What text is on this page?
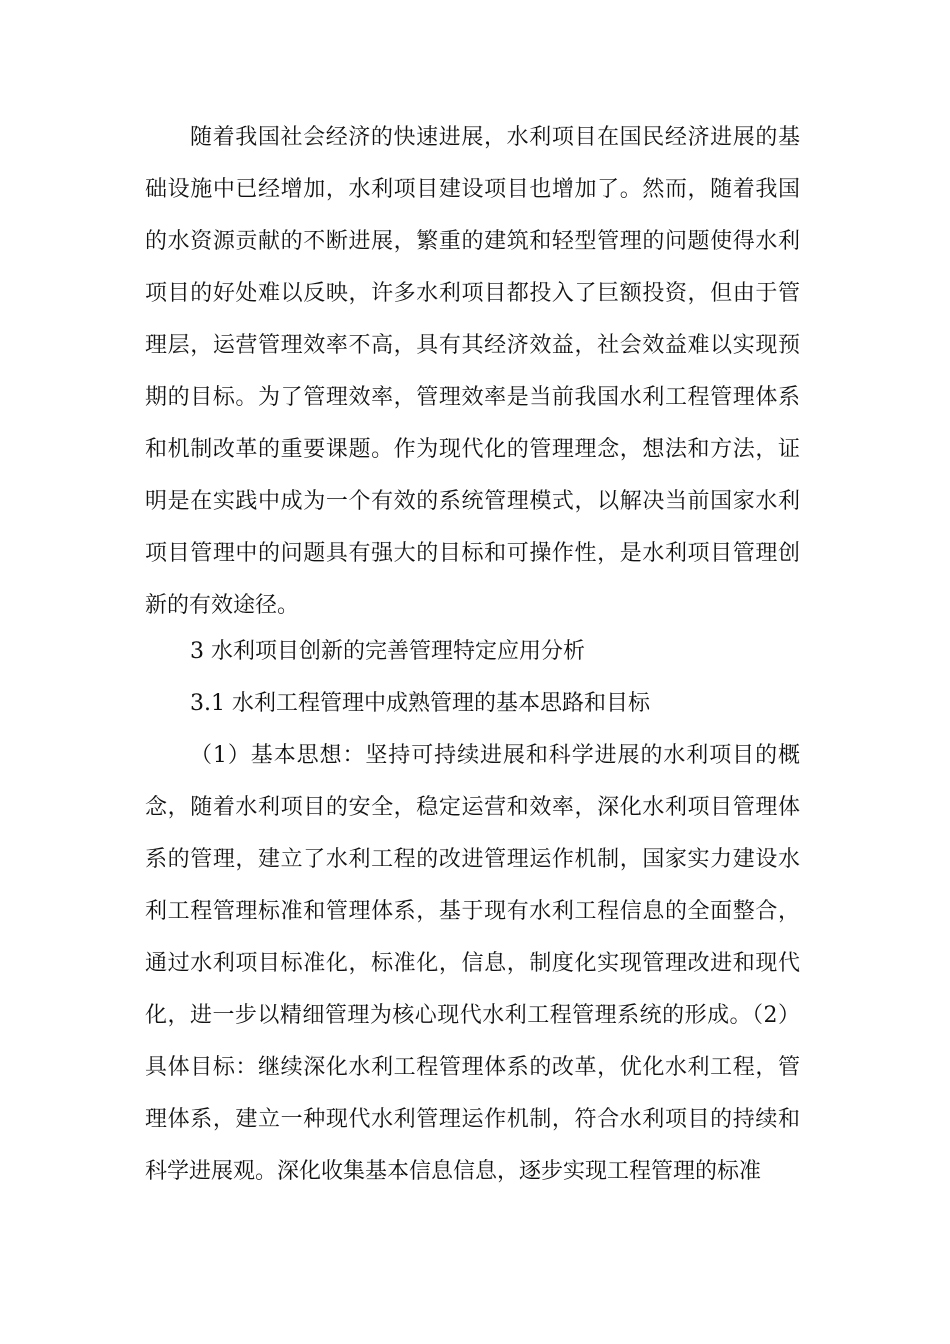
随着我国社会经济的快速进展，水利项目在国民经济进展的基
础设施中已经增加，水利项目建设项目也增加了。然而，随着我国
的水资源贡献的不断进展，繁重的建筑和轻型管理的问题使得水利
项目的好处难以反映，许多水利项目都投入了巨额投资，但由于管
理层，运营管理效率不高，具有其经济效益，社会效益难以实现预
期的目标。为了管理效率，管理效率是当前我国水利工程管理体系
和机制改革的重要课题。作为现代化的管理理念，想法和方法，证
明是在实践中成为一个有效的系统管理模式，以解决当前国家水利
项目管理中的问题具有强大的目标和可操作性，是水利项目管理创
新的有效途径。
3 水利项目创新的完善管理特定应用分析
3.1 水利工程管理中成熟管理的基本思路和目标
（1）基本思想：坚持可持续进展和科学进展的水利项目的概
念，随着水利项目的安全，稳定运营和效率，深化水利项目管理体
系的管理，建立了水利工程的改进管理运作机制，国家实力建设水
利工程管理标准和管理体系，基于现有水利工程信息的全面整合，
通过水利项目标准化，标准化，信息，制度化实现管理改进和现代
化，进一步以精细管理为核心现代水利工程管理系统的形成。（2）
具体目标：继续深化水利工程管理体系的改革，优化水利工程，管
理体系，建立一种现代水利管理运作机制，符合水利项目的持续和
科学进展观。深化收集基本信息信息，逐步实现工程管理的标准
